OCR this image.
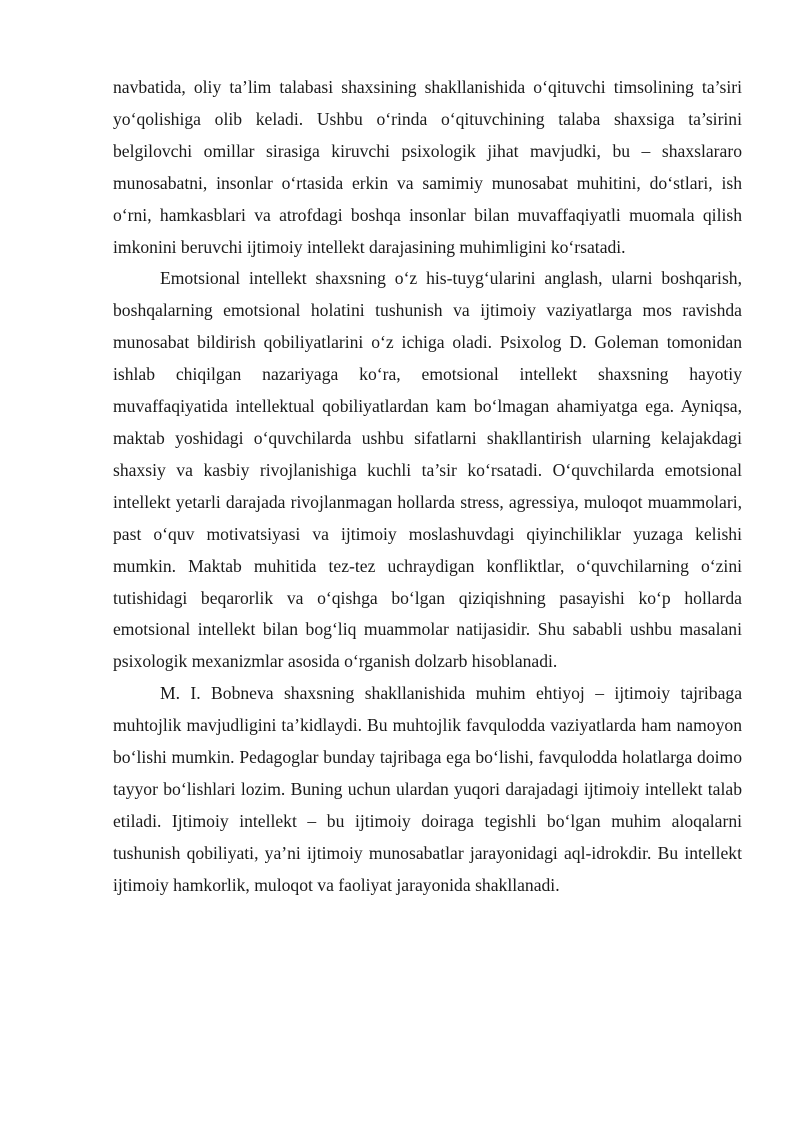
navbatida, oliy ta’lim talabasi shaxsining shakllanishida o‘qituvchi timsolining ta’siri yo‘qolishiga olib keladi. Ushbu o‘rinda o‘qituvchining talaba shaxsiga ta’sirini belgilovchi omillar sirasiga kiruvchi psixologik jihat mavjudki, bu – shaxslararo munosabatni, insonlar o‘rtasida erkin va samimiy munosabat muhitini, do‘stlari, ish o‘rni, hamkasblari va atrofdagi boshqa insonlar bilan muvaffaqiyatli muomala qilish imkonini beruvchi ijtimoiy intellekt darajasining muhimligini ko‘rsatadi.

Emotsional intellekt shaxsning o‘z his-tuyg‘ularini anglash, ularni boshqarish, boshqalarning emotsional holatini tushunish va ijtimoiy vaziyatlarga mos ravishda munosabat bildirish qobiliyatlarini o‘z ichiga oladi. Psixolog D. Goleman tomonidan ishlab chiqilgan nazariyaga ko‘ra, emotsional intellekt shaxsning hayotiy muvaffaqiyatida intellektual qobiliyatlardan kam bo‘lmagan ahamiyatga ega. Ayniqsa, maktab yoshidagi o‘quvchilarda ushbu sifatlarni shakllantirish ularning kelajakdagi shaxsiy va kasbiy rivojlanishiga kuchli ta’sir ko‘rsatadi. O‘quvchilarda emotsional intellekt yetarli darajada rivojlanmagan hollarda stress, agressiya, muloqot muammolari, past o‘quv motivatsiyasi va ijtimoiy moslashuvdagi qiyinchiliklar yuzaga kelishi mumkin. Maktab muhitida tez-tez uchraydigan konfliktlar, o‘quvchilarning o‘zini tutishidagi beqarorlik va o‘qishga bo‘lgan qiziqishning pasayishi ko‘p hollarda emotsional intellekt bilan bog‘liq muammolar natijasidir. Shu sababli ushbu masalani psixologik mexanizmlar asosida o‘rganish dolzarb hisoblanadi.

M. I. Bobneva shaxsning shakllanishida muhim ehtiyoj – ijtimoiy tajribaga muhtojlik mavjudligini ta’kidlaydi. Bu muhtojlik favqulodda vaziyatlarda ham namoyon bo‘lishi mumkin. Pedagoglar bunday tajribaga ega bo‘lishi, favqulodda holatlarga doimo tayyor bo‘lishlari lozim. Buning uchun ulardan yuqori darajadagi ijtimoiy intellekt talab etiladi. Ijtimoiy intellekt – bu ijtimoiy doiraga tegishli bo‘lgan muhim aloqalarni tushunish qobiliyati, ya’ni ijtimoiy munosabatlar jarayonidagi aql-idrokdir. Bu intellekt ijtimoiy hamkorlik, muloqot va faoliyat jarayonida shakllanadi.
